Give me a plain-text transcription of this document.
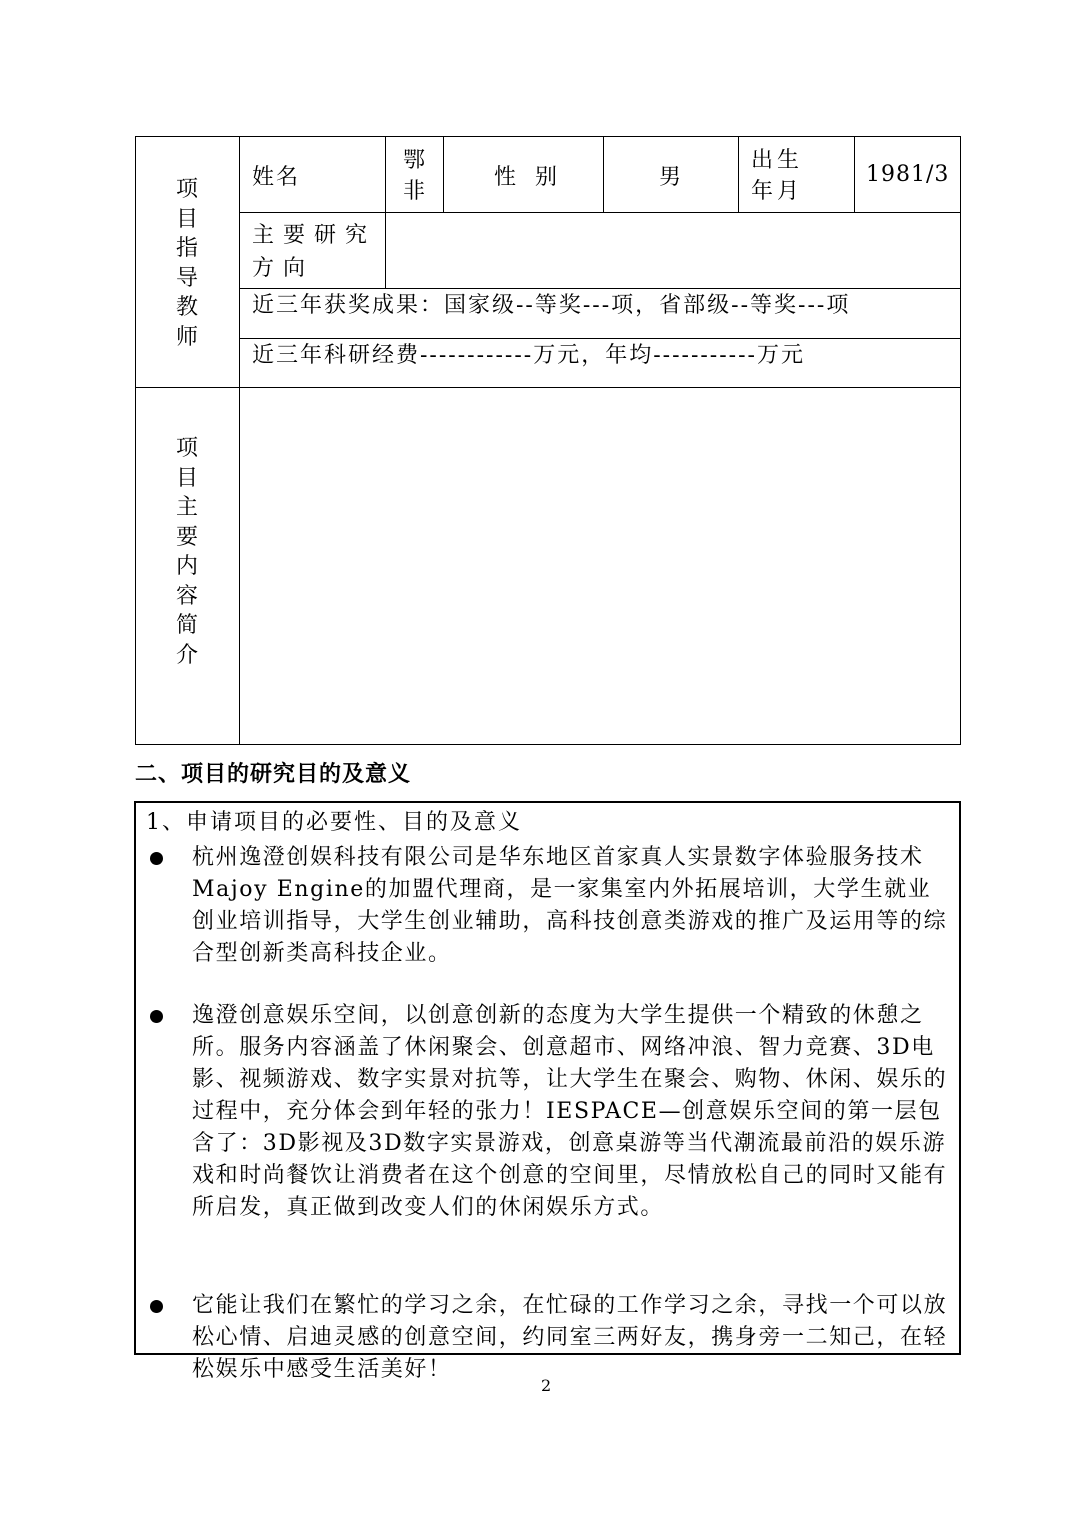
项目指导教师
姓名
鄂非
性 别	男
出生年月
1981/3
主要研究方向
近三年获奖成果：国家级--等奖---项，省部级--等奖---项
近三年科研经费------------万元，年均-----------万元
项目主要内容简介
二、项目的研究目的及意义
1、申请项目的必要性、目的及意义
杭州逸澄创娱科技有限公司是华东地区首家真人实景数字体验服务技术Majoy Engine的加盟代理商，是一家集室内外拓展培训，大学生就业创业培训指导，大学生创业辅助，高科技创意类游戏的推广及运用等的综合型创新类高科技企业。
逸澄创意娱乐空间，以创意创新的态度为大学生提供一个精致的休憩之所。服务内容涵盖了休闲聚会、创意超市、网络冲浪、智力竞赛、3D电影、视频游戏、数字实景对抗等，让大学生在聚会、购物、休闲、娱乐的过程中，充分体会到年轻的张力！IESPACE—创意娱乐空间的第一层包含了：3D影视及3D数字实景游戏，创意桌游等当代潮流最前沿的娱乐游戏和时尚餐饮让消费者在这个创意的空间里，尽情放松自己的同时又能有所启发，真正做到改变人们的休闲娱乐方式。
它能让我们在繁忙的学习之余，在忙碌的工作学习之余，寻找一个可以放松心情、启迪灵感的创意空间，约同室三两好友，携身旁一二知己，在轻松娱乐中感受生活美好！
2
